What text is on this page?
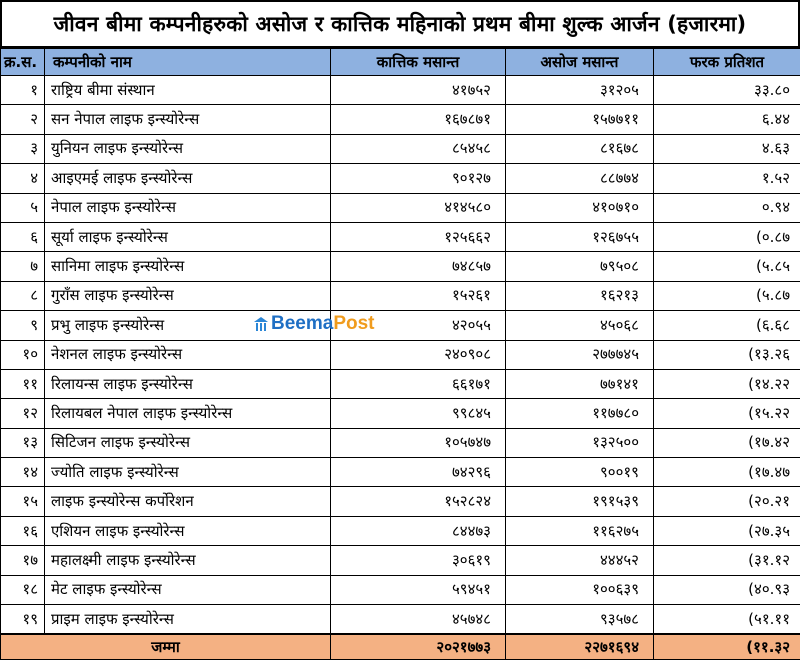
जीवन बीमा कम्पनीहरुको असोज र कात्तिक महिनाको प्रथम बीमा शुल्क आर्जन (हजारमा)
क्र.स.	कम्पनीको नाम	कात्तिक मसान्त	असोज मसान्त	फरक प्रतिशत
१	राष्ट्रिय बीमा संस्थान	४१७५२	३१२०५	३३.८०
२	सन नेपाल लाइफ इन्स्योरेन्स	१६७८७१	१५७७११	६.४४
३	युनियन लाइफ इन्स्योरेन्स	८५४५८	८१६७८	४.६३
४	आइएमई लाइफ इन्स्योरेन्स	९०१२७	८८७७४	१.५२
५	नेपाल लाइफ इन्स्योरेन्स	४१४५८०	४१०७१०	०.९४
६	सूर्या लाइफ इन्स्योरेन्स	१२५६६२	१२६७५५	(०.८७
७	सानिमा लाइफ इन्स्योरेन्स	७४८५७	७९५०८	(५.८५
८	गुराँस लाइफ इन्स्योरेन्स	१५२६१	१६२१३	(५.८७
९	प्रभु लाइफ इन्स्योरेन्स	४२०५५	४५०६८	(६.६८
१०	नेशनल लाइफ इन्स्योरेन्स	२४०९०८	२७७७४५	(१३.२६
११	रिलायन्स लाइफ इन्स्योरेन्स	६६१७१	७७१४१	(१४.२२
१२	रिलायबल नेपाल लाइफ इन्स्योरेन्स	९९८४५	११७७८०	(१५.२२
१३	सिटिजन लाइफ इन्स्योरेन्स	१०५७४७	१३२५००	(१७.४२
१४	ज्योति लाइफ इन्स्योरेन्स	७४२९६	९००१९	(१७.४७
१५	लाइफ इन्स्योरेन्स कर्पोरेशन	१५२८२४	१९१५३९	(२०.२१
१६	एशियन लाइफ इन्स्योरेन्स	८४४७३	११६२७५	(२७.३५
१७	महालक्ष्मी लाइफ इन्स्योरेन्स	३०६१९	४४४५२	(३१.१२
१८	मेट लाइफ इन्स्योरेन्स	५९४५१	१००६३९	(४०.९३
१९	प्राइम लाइफ इन्स्योरेन्स	४५७४८	९३५७८	(५१.११
जम्मा		२०२१७७३	२२७१६९४	(११.३२
Beema Post
